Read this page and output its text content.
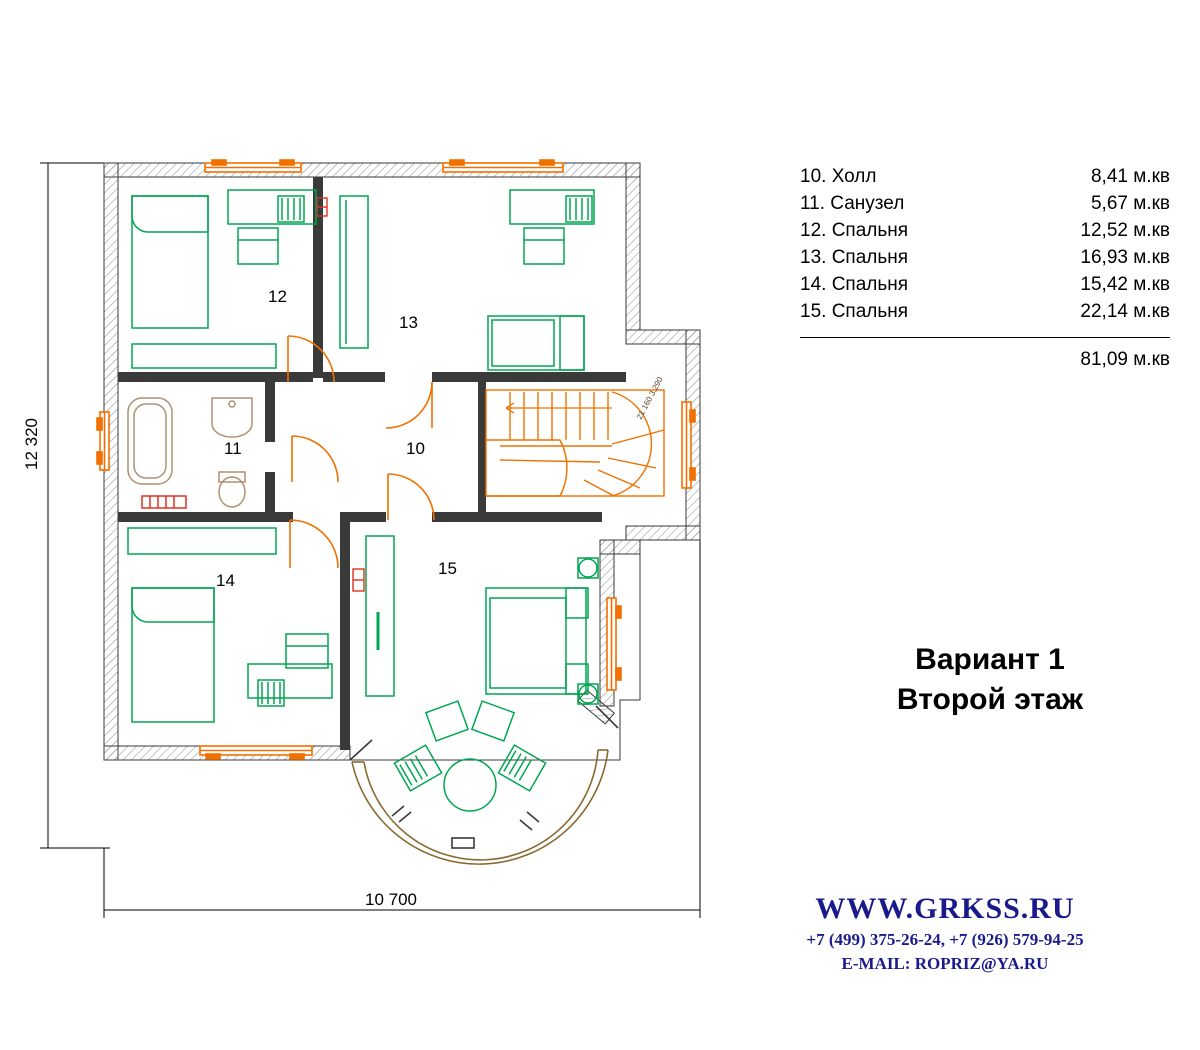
21 160 3,290
12
13
11	10
14
15
12 320
10 700
10. Холл	8,41 м.кв
11. Санузел	5,67 м.кв
12. Спальня	12,52 м.кв
13. Спальня	16,93 м.кв
14. Спальня	15,42 м.кв
15. Спальня	22,14 м.кв
81,09 м.кв
Вариант 1
Второй этаж
WWW.GRKSS.RU
+7 (499) 375-26-24, +7 (926) 579-94-25
E-MAIL: ROPRIZ@YA.RU
